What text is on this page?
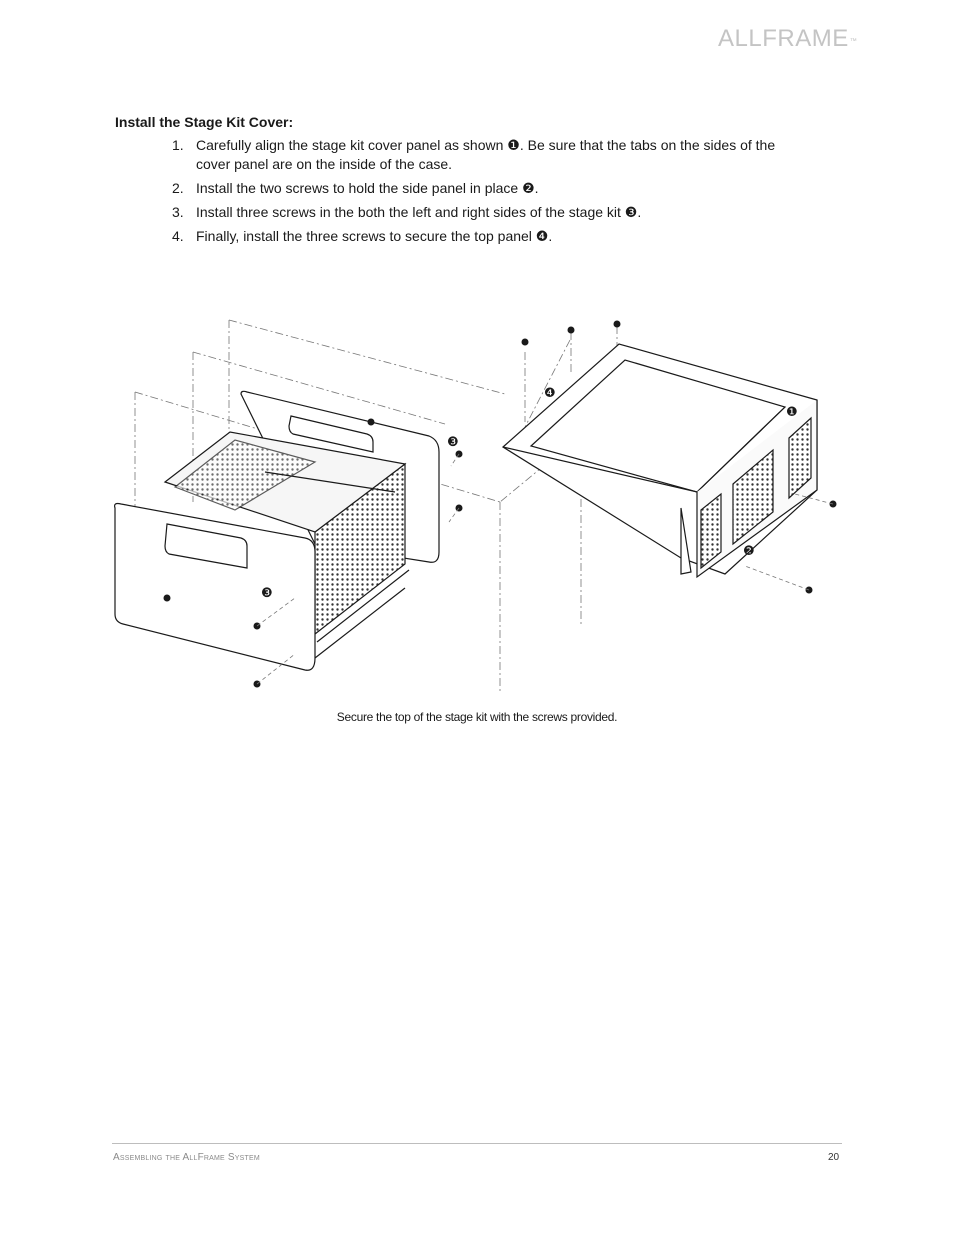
ALLFRAME™
Install the Stage Kit Cover:
1. Carefully align the stage kit cover panel as shown ❶. Be sure that the tabs on the sides of the cover panel are on the inside of the case.
2. Install the two screws to hold the side panel in place ❷.
3. Install three screws in the both the left and right sides of the stage kit ❸.
4. Finally, install the three screws to secure the top panel ❹.
❶
❷
❸
❸
❹
Secure the top of the stage kit with the screws provided.
Assembling the AllFrame System	20
